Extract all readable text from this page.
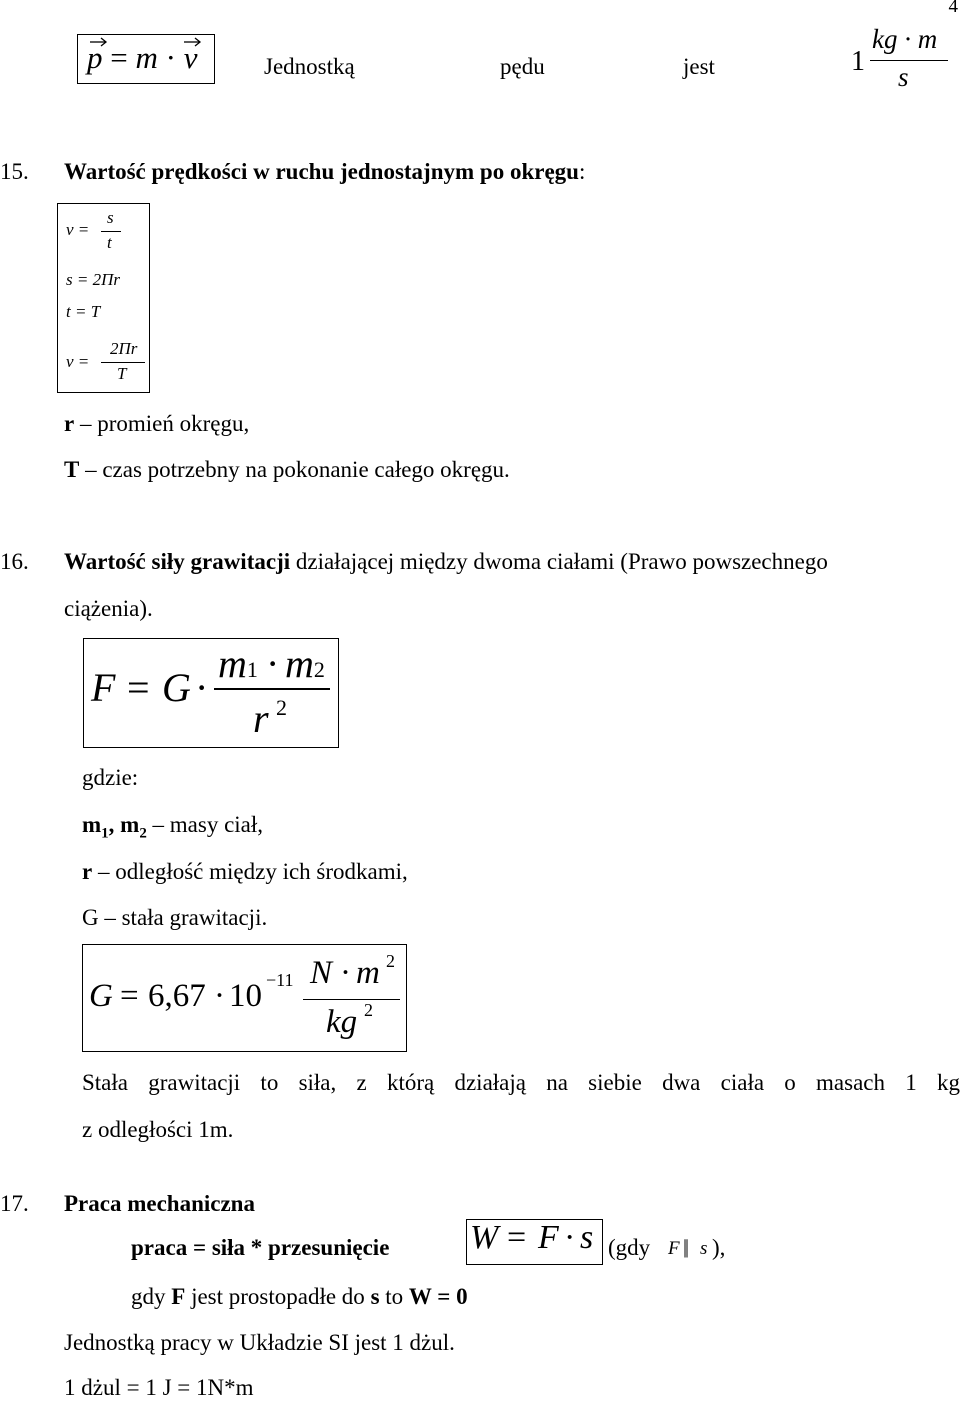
4
p = m · v	Jednostką	pędu	jest	1
kg · m
s
15. Wartość prędkości w ruchu jednostajnym po okręgu:
v =
s
t
s = 2Πr
t = T
v =
2Πr
T
r – promień okręgu,
T – czas potrzebny na pokonanie całego okręgu.
16. Wartość siły grawitacji działającej między dwoma ciałami (Prawo powszechnego
ciążenia).
F = G ·
m1 · m2
r 2
gdzie:
$m_1$, $m_2$ – masy ciał,
r – odległość między ich środkami,
G – stała grawitacji.
G = 6,67 · 10 −11 N · m 2
kg 2
Stała grawitacji to siła, z którą działają na siebie dwa ciała o masach 1 kg
z odległości 1m.
17. Praca mechaniczna
praca = siła * przesunięcie W = F · s (gdy F || s ),
gdy F jest prostopadłe do s to W = 0
Jednostką pracy w Układzie SI jest 1 dżul.
1 dżul = 1 J = 1N*m
